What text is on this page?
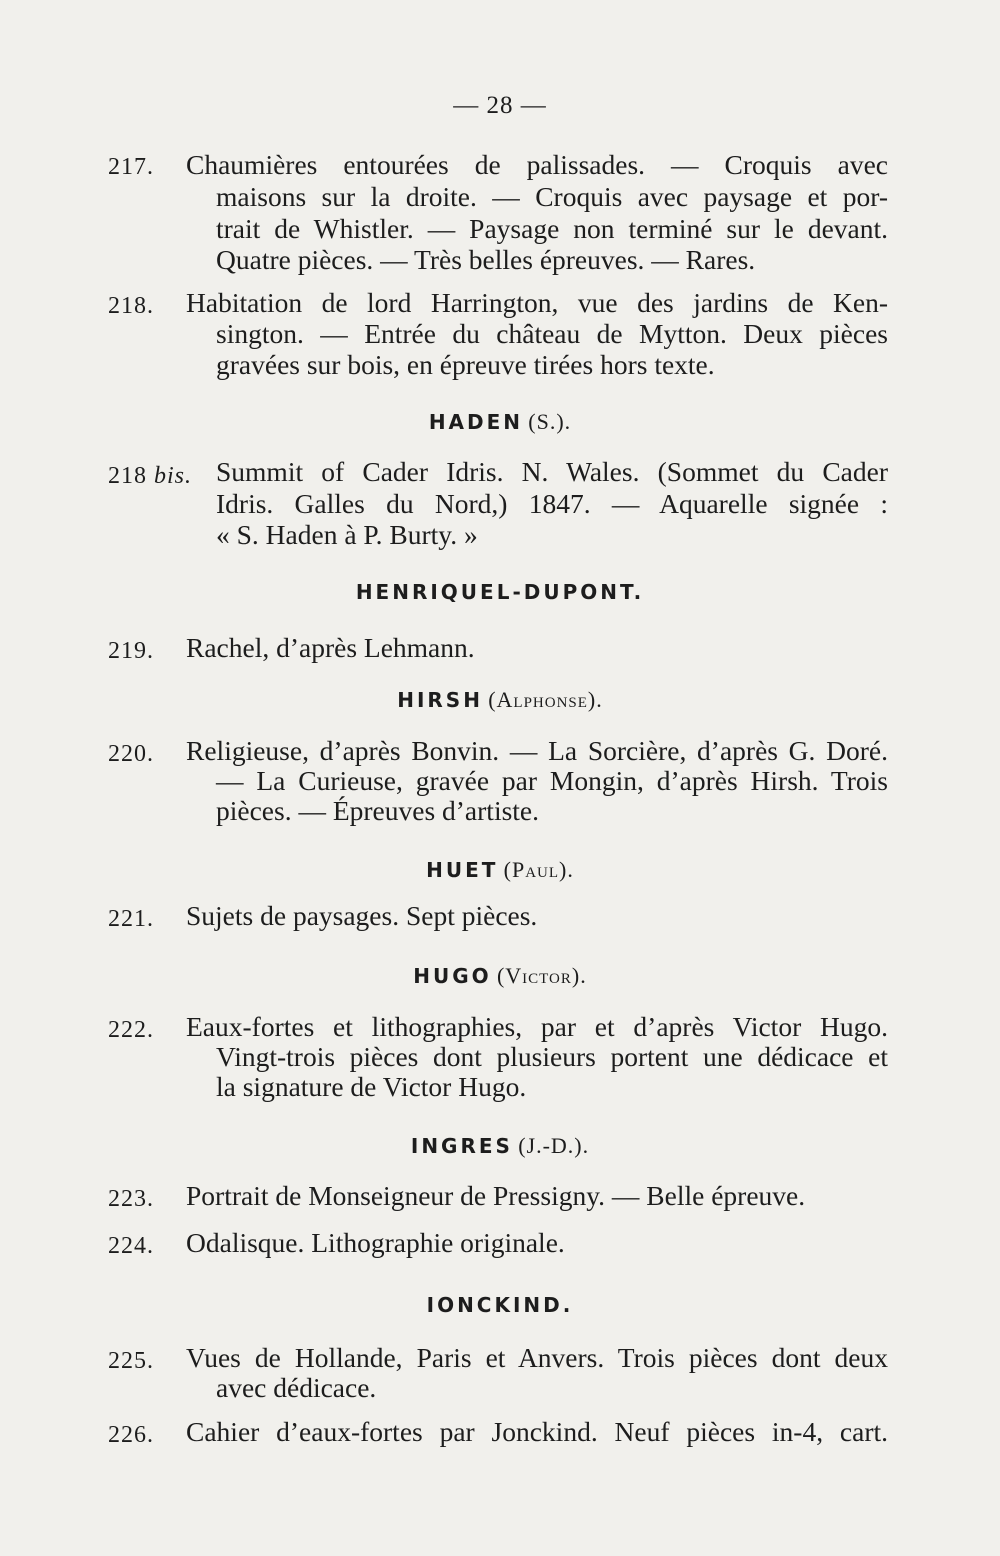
— 28 —
217. Chaumières entourées de palissades. — Croquis avec
maisons sur la droite. — Croquis avec paysage et por-
trait de Whistler. — Paysage non terminé sur le devant.
Quatre pièces. — Très belles épreuves. — Rares.
218. Habitation de lord Harrington, vue des jardins de Ken-
sington. — Entrée du château de Mytton. Deux pièces
gravées sur bois, en épreuve tirées hors texte.
HADEN (S.).
218 bis. Summit of Cader Idris. N. Wales. (Sommet du Cader
Idris. Galles du Nord,) 1847. — Aquarelle signée :
« S. Haden à P. Burty. »
HENRIQUEL-DUPONT.
219. Rachel, d’après Lehmann.
HIRSH (Alphonse).
220. Religieuse, d’après Bonvin. — La Sorcière, d’après G. Doré.
— La Curieuse, gravée par Mongin, d’après Hirsh. Trois
pièces. — Épreuves d’artiste.
HUET (Paul).
221. Sujets de paysages. Sept pièces.
HUGO (Victor).
222. Eaux-fortes et lithographies, par et d’après Victor Hugo.
Vingt-trois pièces dont plusieurs portent une dédicace et
la signature de Victor Hugo.
INGRES (J.-D.).
223. Portrait de Monseigneur de Pressigny. — Belle épreuve.
224. Odalisque. Lithographie originale.
IONCKIND.
225. Vues de Hollande, Paris et Anvers. Trois pièces dont deux
avec dédicace.
226. Cahier d’eaux-fortes par Jonckind. Neuf pièces in-4, cart.
